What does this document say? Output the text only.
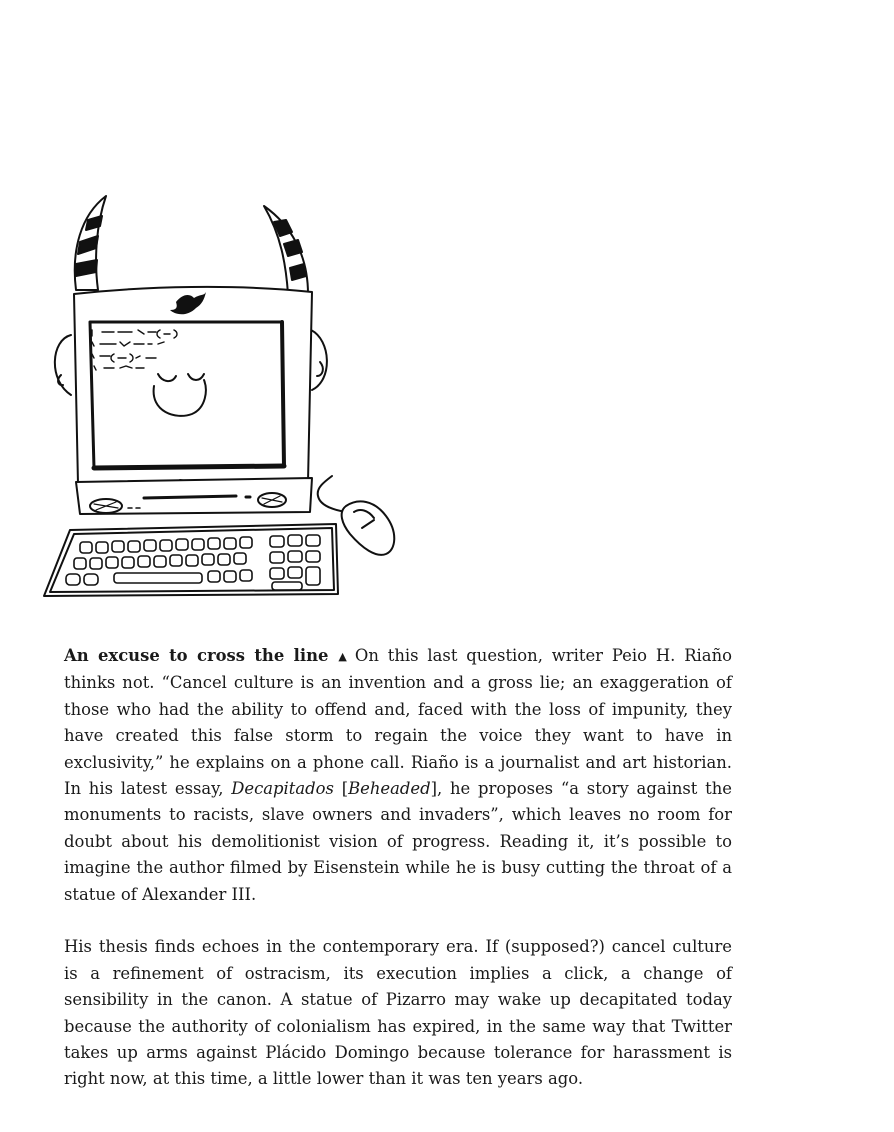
An excuse to cross the line ▲ On this last question, writer Peio H. Riaño thinks not. “Cancel culture is an invention and a gross lie; an exaggeration of those who had the ability to offend and, faced with the loss of impunity, they have created this false storm to regain the voice they want to have in exclusivity,” he explains on a phone call. Riaño is a journalist and art historian. In his latest essay, Decapitados [Beheaded], he proposes “a story against the monuments to racists, slave owners and invaders”, which leaves no room for doubt about his demolitionist vision of progress. Reading it, it’s possible to imagine the author filmed by Eisenstein while he is busy cutting the throat of a statue of Alexander III.

His thesis finds echoes in the contemporary era. If (supposed?) cancel culture is a refinement of ostracism, its execution implies a click, a change of sensibility in the canon. A statue of Pizarro may wake up decapitated today because the authority of colonialism has expired, in the same way that Twitter takes up arms against Plácido Domingo because tolerance for harassment is right now, at this time, a little lower than it was ten years ago.
